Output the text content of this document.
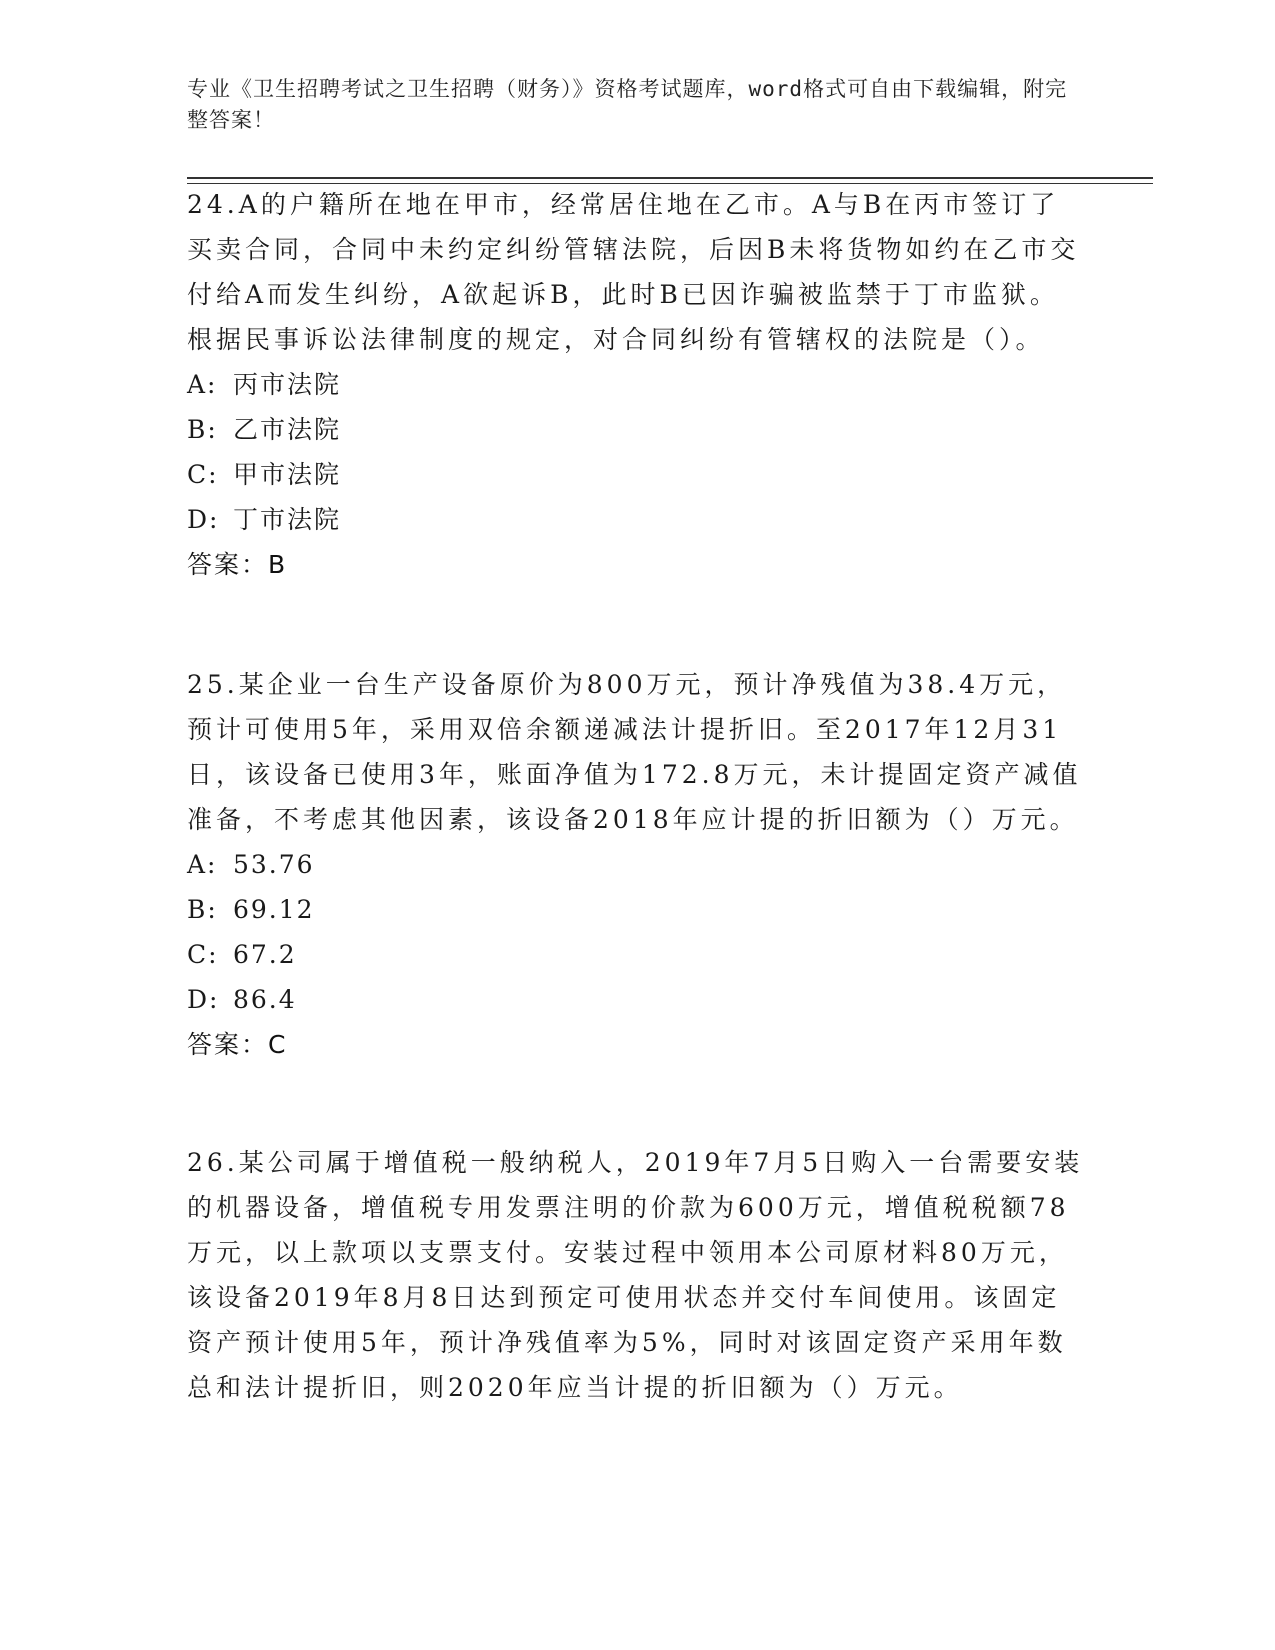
专业《卫生招聘考试之卫生招聘（财务）》资格考试题库，word格式可自由下载编辑，附完整答案！

24.A的户籍所在地在甲市，经常居住地在乙市。A与B在丙市签订了买卖合同，合同中未约定纠纷管辖法院，后因B未将货物如约在乙市交付给A而发生纠纷，A欲起诉B，此时B已因诈骗被监禁于丁市监狱。根据民事诉讼法律制度的规定，对合同纠纷有管辖权的法院是（）。

A: 丙市法院
B: 乙市法院
C: 甲市法院
D: 丁市法院
答案：B

25.某企业一台生产设备原价为800万元，预计净残值为38.4万元，预计可使用5年，采用双倍余额递减法计提折旧。至2017年12月31日，该设备已使用3年，账面净值为172.8万元，未计提固定资产减值准备，不考虑其他因素，该设备2018年应计提的折旧额为（）万元。

A: 53.76
B: 69.12
C: 67.2
D: 86.4
答案：C

26.某公司属于增值税一般纳税人，2019年7月5日购入一台需要安装的机器设备，增值税专用发票注明的价款为600万元，增值税税额78万元，以上款项以支票支付。安装过程中领用本公司原材料80万元，该设备2019年8月8日达到预定可使用状态并交付车间使用。该固定资产预计使用5年，预计净残值率为5%，同时对该固定资产采用年数总和法计提折旧，则2020年应当计提的折旧额为（）万元。
